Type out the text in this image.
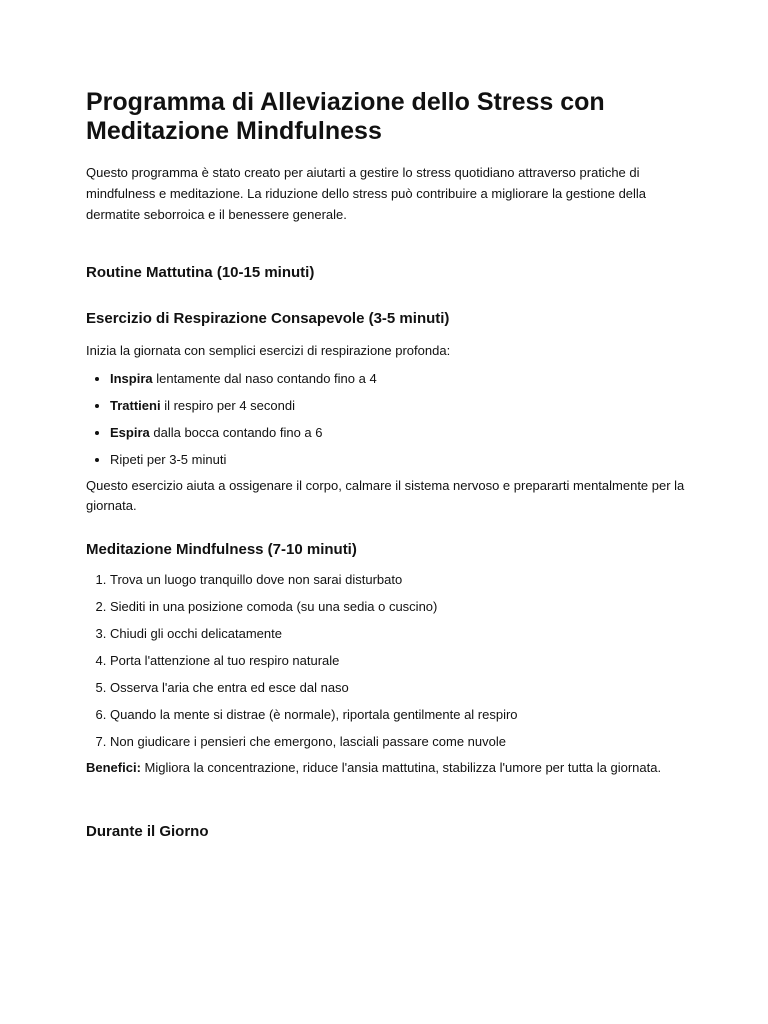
Programma di Alleviazione dello Stress con Meditazione Mindfulness

Questo programma è stato creato per aiutarti a gestire lo stress quotidiano attraverso pratiche di mindfulness e meditazione. La riduzione dello stress può contribuire a migliorare la gestione della dermatite seborroica e il benessere generale.

Routine Mattutina (10-15 minuti)
Esercizio di Respirazione Consapevole (3-5 minuti)

Inizia la giornata con semplici esercizi di respirazione profonda:

• Inspira lentamente dal naso contando fino a 4
• Trattieni il respiro per 4 secondi
• Espira dalla bocca contando fino a 6
• Ripeti per 3-5 minuti

Questo esercizio aiuta a ossigenare il corpo, calmare il sistema nervoso e prepararti mentalmente per la giornata.

Meditazione Mindfulness (7-10 minuti)
1. Trova un luogo tranquillo dove non sarai disturbato
2. Siediti in una posizione comoda (su una sedia o cuscino)
3. Chiudi gli occhi delicatamente
4. Porta l'attenzione al tuo respiro naturale
5. Osserva l'aria che entra ed esce dal naso
6. Quando la mente si distrae (è normale), riportala gentilmente al respiro
7. Non giudicare i pensieri che emergono, lasciali passare come nuvole

Benefici: Migliora la concentrazione, riduce l'ansia mattutina, stabilizza l'umore per tutta la giornata.

Durante il Giorno
